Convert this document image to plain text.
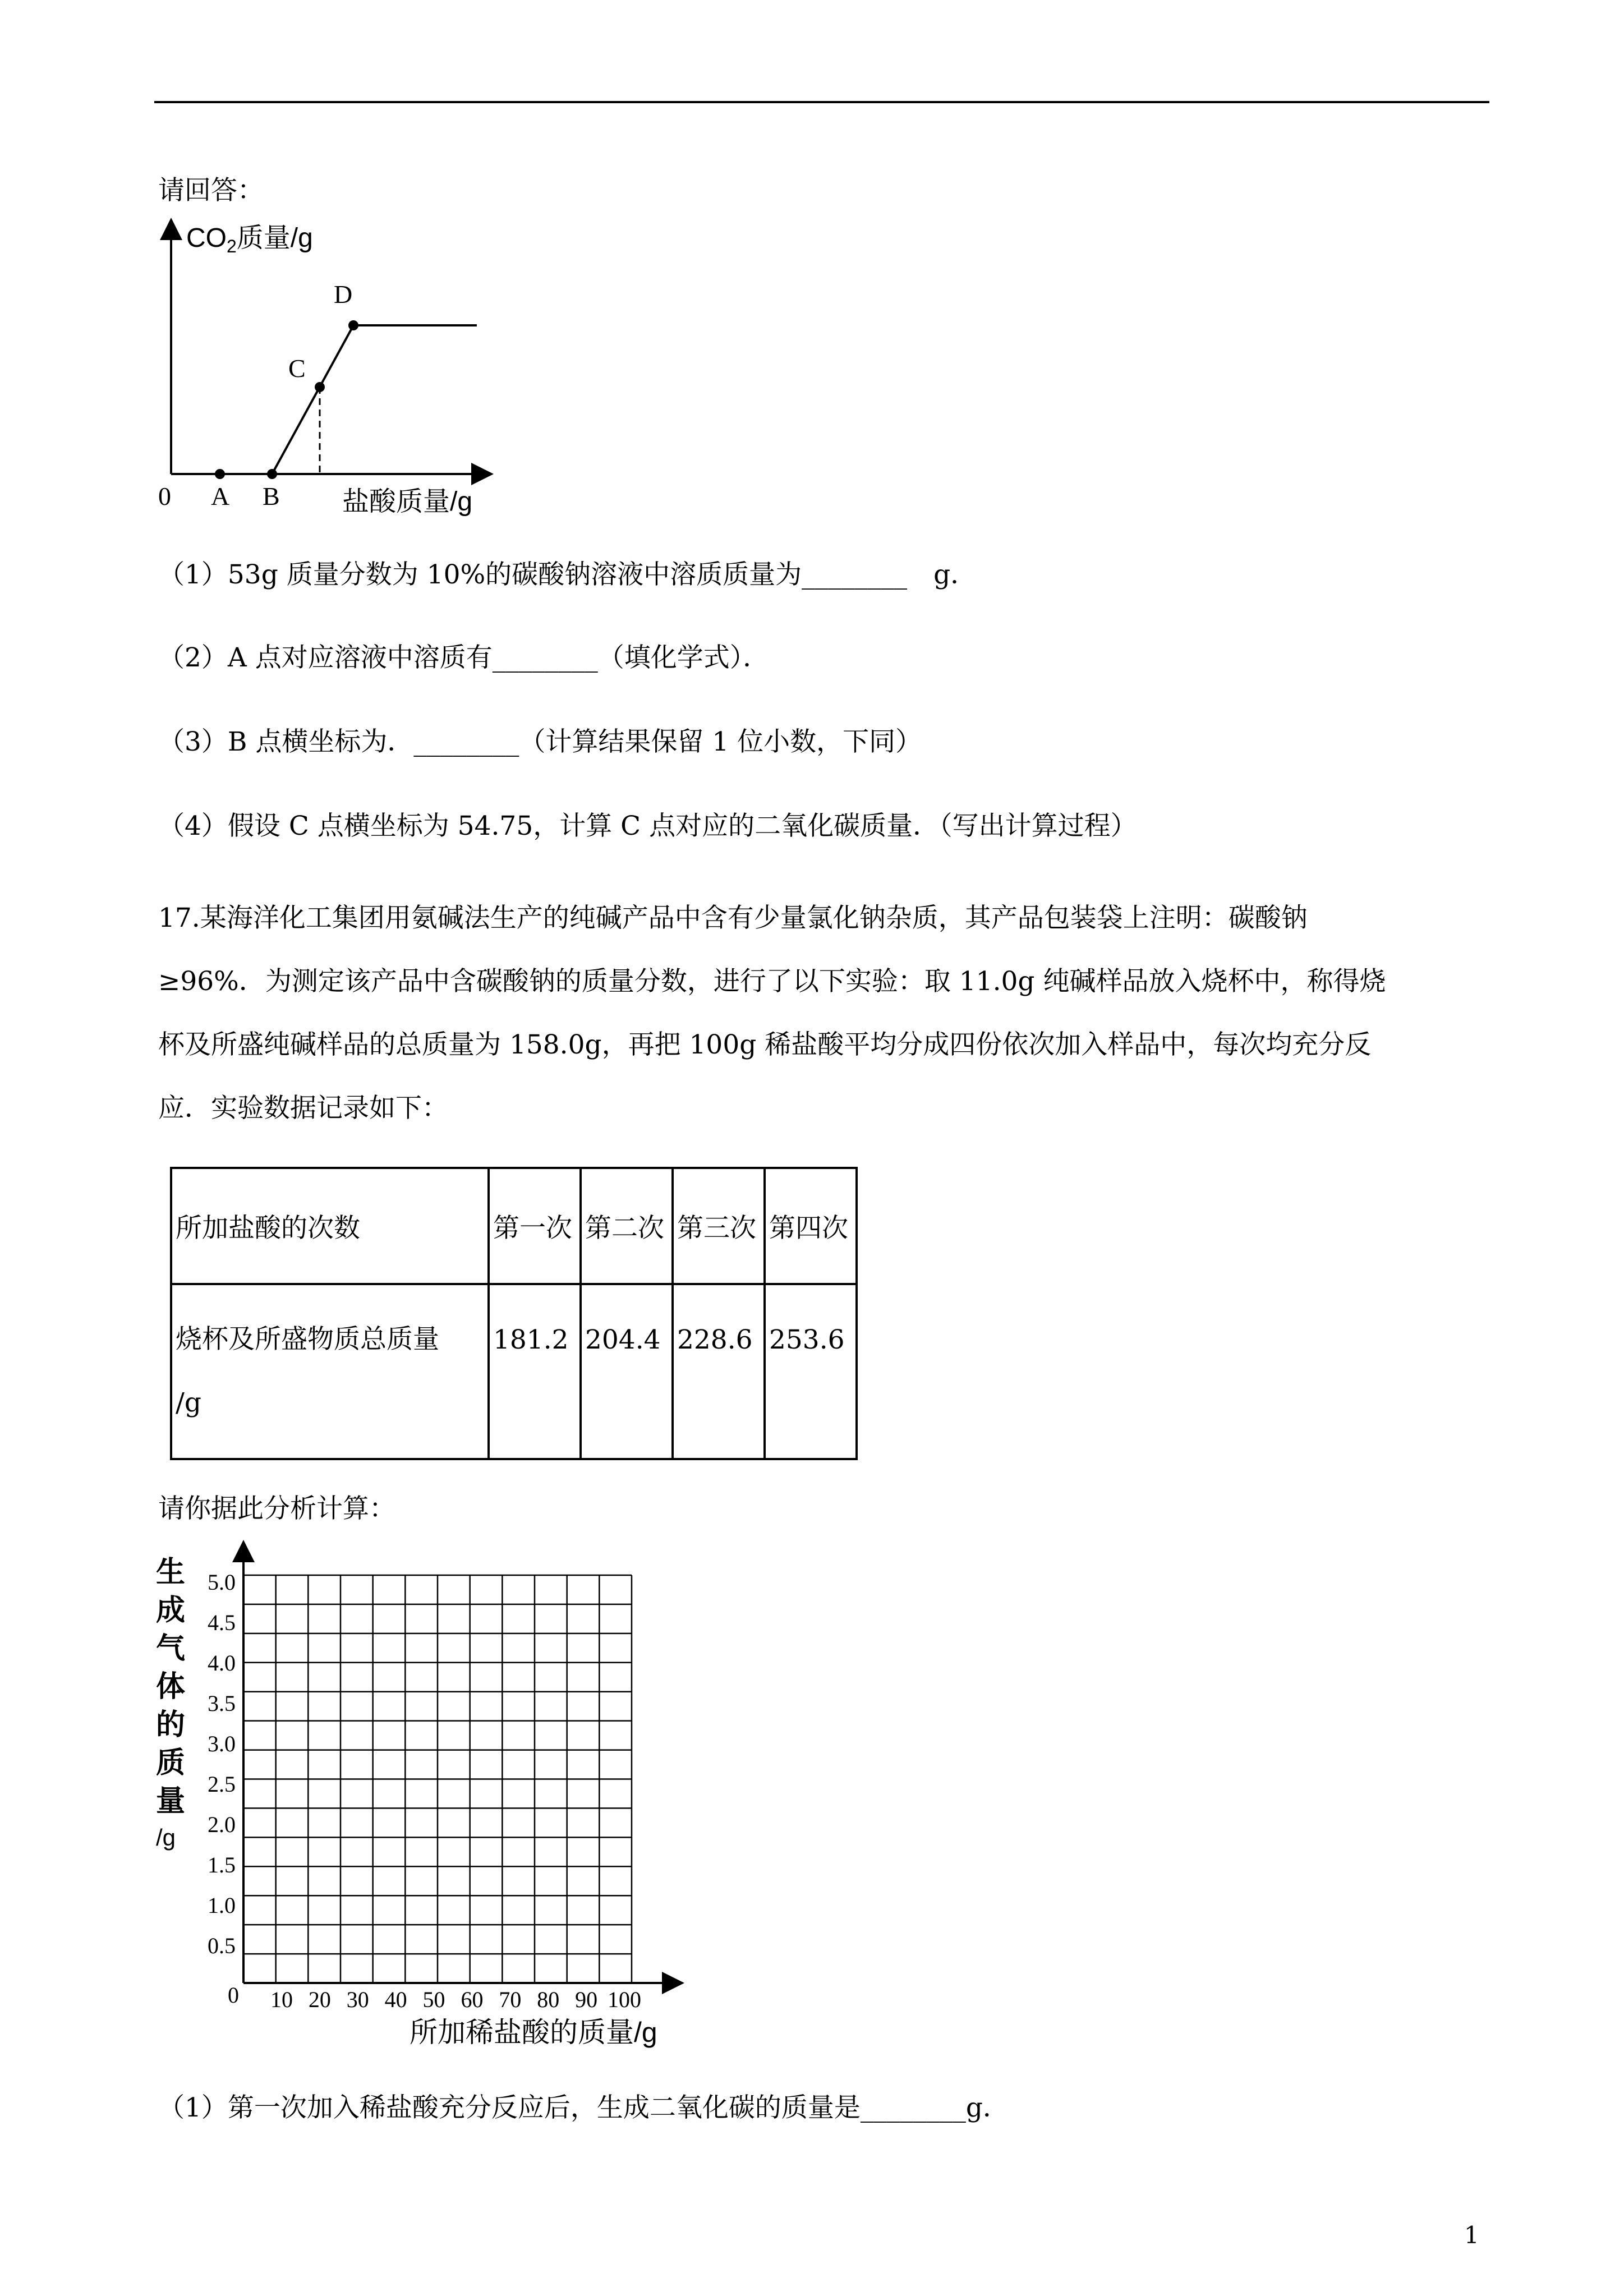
请回答：
$CO_2$质量/g
0 A B
C
D
盐酸质量/g
（1）53g 质量分数为 10%的碳酸钠溶液中溶质质量为________　g．
（2）A 点对应溶液中溶质有________（填化学式）．
（3）B 点横坐标为．________（计算结果保留 1 位小数，下同）
（4）假设 C 点横坐标为 54.75，计算 C 点对应的二氧化碳质量．（写出计算过程）
17.某海洋化工集团用氨碱法生产的纯碱产品中含有少量氯化钠杂质，其产品包装袋上注明：碳酸钠
≥96%．为测定该产品中含碳酸钠的质量分数，进行了以下实验：取 11.0g 纯碱样品放入烧杯中，称得烧
杯及所盛纯碱样品的总质量为 158.0g，再把 100g 稀盐酸平均分成四份依次加入样品中，每次均充分反
应．实验数据记录如下：
所加盐酸的次数	第一次	第二次	第三次	第四次

烧杯及所盛物质总质量
/g	181.2	204.4	228.6	253.6
请你据此分析计算：
生
成
气
体
的
质
量
/g
5.0
4.5
4.0
3.5
3.0
2.5
2.0
1.5
1.0
0.5
10 20 30 40 50 60 70 80 90 100
0
所加稀盐酸的质量/g
（1）第一次加入稀盐酸充分反应后，生成二氧化碳的质量是________g．
1
